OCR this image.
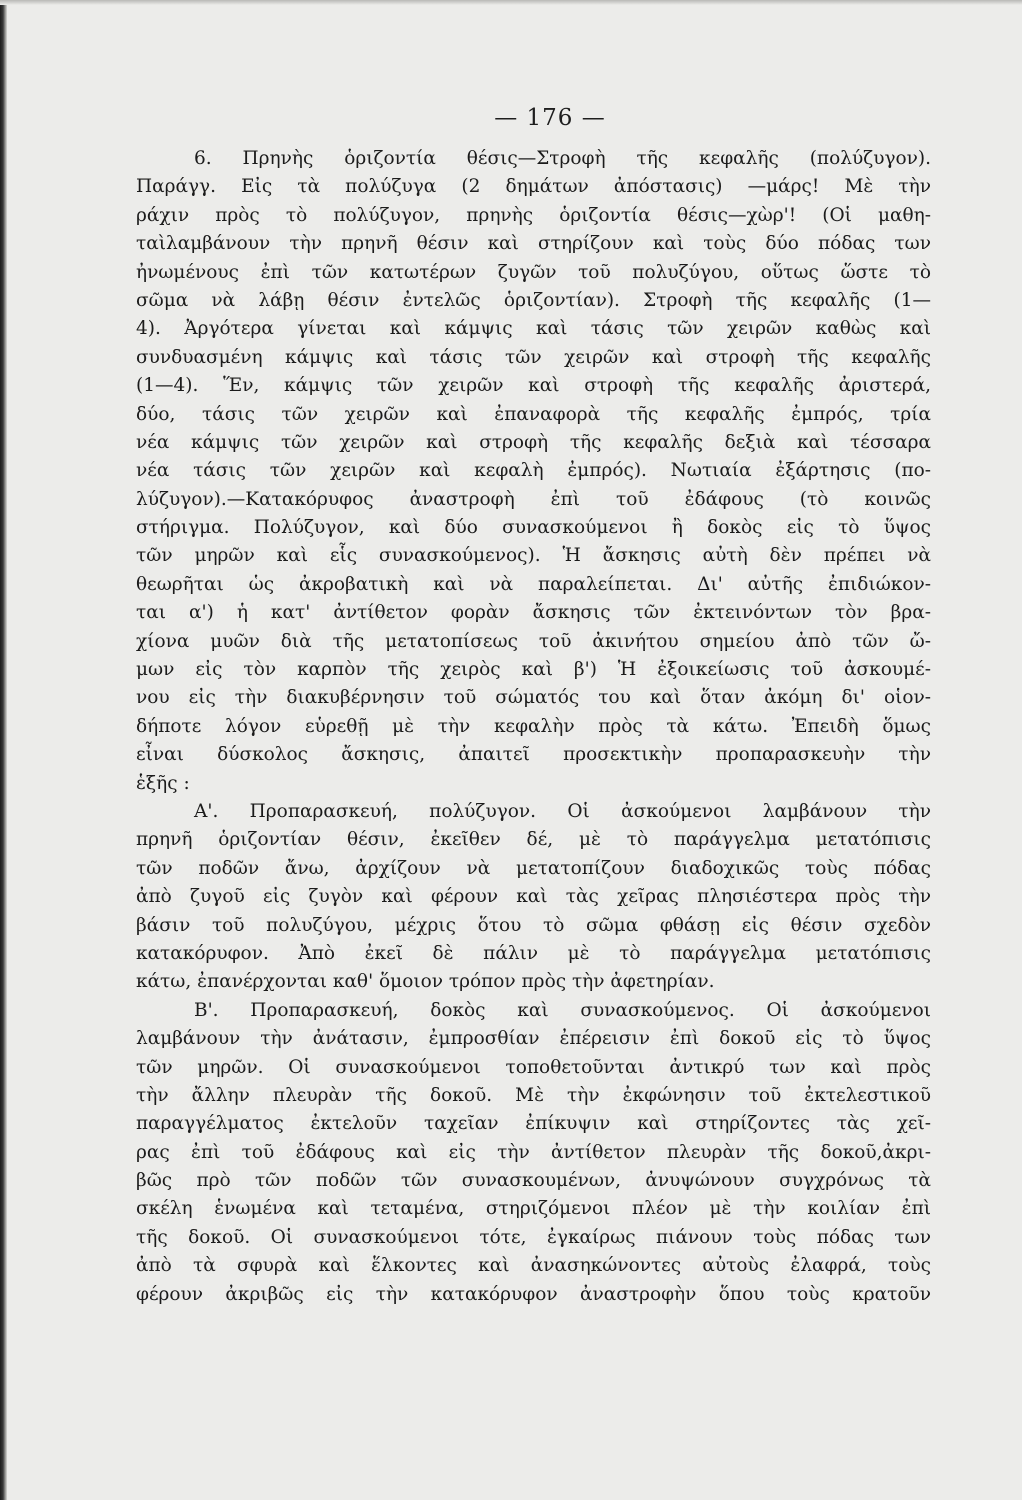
— 176 —
6. Πρηνὴς ὁριζοντία θέσις—Στροφὴ τῆς κεφαλῆς (πολύζυγον).
Παράγγ. Εἰς τὰ πολύζυγα (2 δημάτων ἀπόστασις) —μάρς! Μὲ τὴν
ράχιν πρὸς τὸ πολύζυγον, πρηνὴς ὁριζοντία θέσις—χὼρ'! (Οἱ μαθη-
ταὶλαμβάνουν τὴν πρηνῆ θέσιν καὶ στηρίζουν καὶ τοὺς δύο πόδας των
ἠνωμένους ἐπὶ τῶν κατωτέρων ζυγῶν τοῦ πολυζύγου, οὕτως ὥστε τὸ
σῶμα νὰ λάβῃ θέσιν ἐντελῶς ὁριζοντίαν). Στροφὴ τῆς κεφαλῆς (1—
4). Ἀργότερα γίνεται καὶ κάμψις καὶ τάσις τῶν χειρῶν καθὼς καὶ
συνδυασμένη κάμψις καὶ τάσις τῶν χειρῶν καὶ στροφὴ τῆς κεφαλῆς
(1—4). Ἕν, κάμψις τῶν χειρῶν καὶ στροφὴ τῆς κεφαλῆς ἀριστερά,
δύο, τάσις τῶν χειρῶν καὶ ἐπαναφορὰ τῆς κεφαλῆς ἐμπρός, τρία
νέα κάμψις τῶν χειρῶν καὶ στροφὴ τῆς κεφαλῆς δεξιὰ καὶ τέσσαρα
νέα τάσις τῶν χειρῶν καὶ κεφαλὴ ἐμπρός). Νωτιαία ἐξάρτησις (πο-
λύζυγον).—Κατακόρυφος ἀναστροφὴ ἐπὶ τοῦ ἐδάφους (τὸ κοινῶς
στήριγμα. Πολύζυγον, καὶ δύο συνασκούμενοι ἢ δοκὸς εἰς τὸ ὕψος
τῶν μηρῶν καὶ εἷς συνασκούμενος). Ἡ ἄσκησις αὐτὴ δὲν πρέπει νὰ
θεωρῆται ὡς ἀκροβατικὴ καὶ νὰ παραλείπεται. Δι' αὐτῆς ἐπιδιώκον-
ται α') ἡ κατ' ἀντίθετον φορὰν ἄσκησις τῶν ἐκτεινόντων τὸν βρα-
χίονα μυῶν διὰ τῆς μετατοπίσεως τοῦ ἀκινήτου σημείου ἀπὸ τῶν ὤ-
μων εἰς τὸν καρπὸν τῆς χειρὸς καὶ β') Ἡ ἐξοικείωσις τοῦ ἀσκουμέ-
νου εἰς τὴν διακυβέρνησιν τοῦ σώματός του καὶ ὅταν ἀκόμη δι' οἱον-
δήποτε λόγον εὑρεθῇ μὲ τὴν κεφαλὴν πρὸς τὰ κάτω. Ἐπειδὴ ὅμως
εἶναι δύσκολος ἄσκησις, ἀπαιτεῖ προσεκτικὴν προπαρασκευὴν τὴν
ἑξῆς :
Α'. Προπαρασκευή, πολύζυγον. Οἱ ἀσκούμενοι λαμβάνουν τὴν
πρηνῆ ὁριζοντίαν θέσιν, ἐκεῖθεν δέ, μὲ τὸ παράγγελμα μετατόπισις
τῶν ποδῶν ἄνω, ἀρχίζουν νὰ μετατοπίζουν διαδοχικῶς τοὺς πόδας
ἀπὸ ζυγοῦ εἰς ζυγὸν καὶ φέρουν καὶ τὰς χεῖρας πλησιέστερα πρὸς τὴν
βάσιν τοῦ πολυζύγου, μέχρις ὅτου τὸ σῶμα φθάσῃ εἰς θέσιν σχεδὸν
κατακόρυφον. Ἀπὸ ἐκεῖ δὲ πάλιν μὲ τὸ παράγγελμα μετατόπισις
κάτω, ἐπανέρχονται καθ' ὅμοιον τρόπον πρὸς τὴν ἀφετηρίαν.
Β'. Προπαρασκευή, δοκὸς καὶ συνασκούμενος. Οἱ ἀσκούμενοι
λαμβάνουν τὴν ἀνάτασιν, ἐμπροσθίαν ἐπέρεισιν ἐπὶ δοκοῦ εἰς τὸ ὕψος
τῶν μηρῶν. Οἱ συνασκούμενοι τοποθετοῦνται ἀντικρύ των καὶ πρὸς
τὴν ἄλλην πλευρὰν τῆς δοκοῦ. Μὲ τὴν ἐκφώνησιν τοῦ ἐκτελεστικοῦ
παραγγέλματος ἐκτελοῦν ταχεῖαν ἐπίκυψιν καὶ στηρίζοντες τὰς χεῖ-
ρας ἐπὶ τοῦ ἐδάφους καὶ εἰς τὴν ἀντίθετον πλευρὰν τῆς δοκοῦ,ἀκρι-
βῶς πρὸ τῶν ποδῶν τῶν συνασκουμένων, ἀνυψώνουν συγχρόνως τὰ
σκέλη ἑνωμένα καὶ τεταμένα, στηριζόμενοι πλέον μὲ τὴν κοιλίαν ἐπὶ
τῆς δοκοῦ. Οἱ συνασκούμενοι τότε, ἐγκαίρως πιάνουν τοὺς πόδας των
ἀπὸ τὰ σφυρὰ καὶ ἕλκοντες καὶ ἀνασηκώνοντες αὐτοὺς ἐλαφρά, τοὺς
φέρουν ἀκριβῶς εἰς τὴν κατακόρυφον ἀναστροφὴν ὅπου τοὺς κρατοῦν
